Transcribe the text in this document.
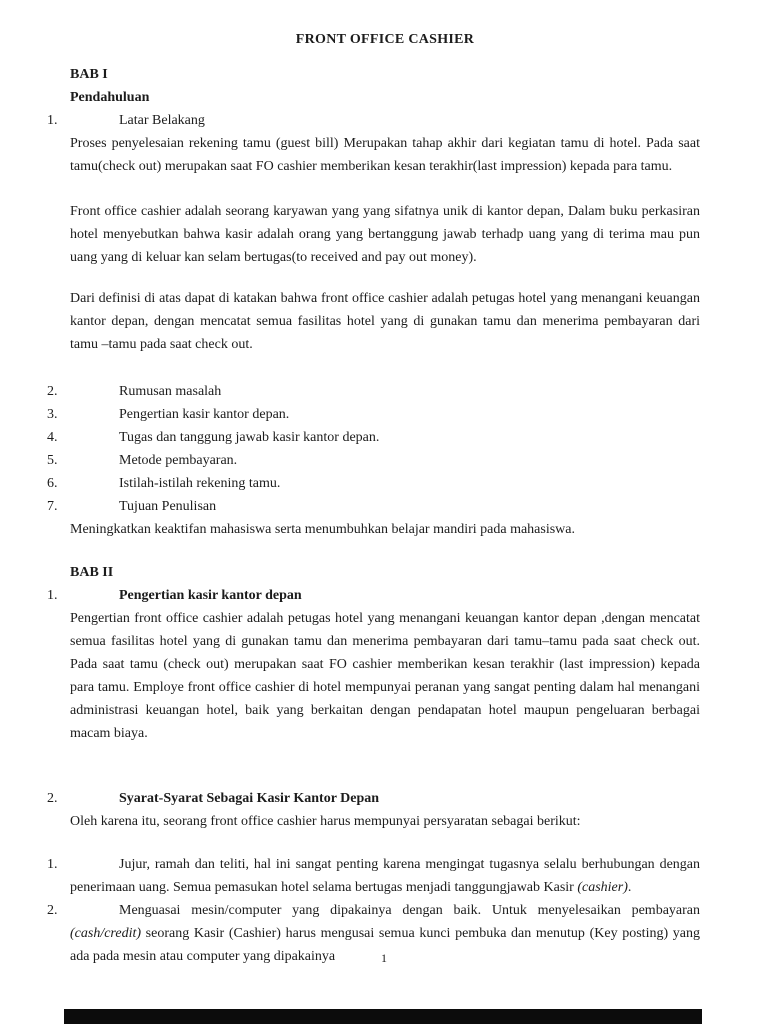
FRONT OFFICE CASHIER

BAB I

Pendahuluan

1.	Latar Belakang

Proses penyelesaian rekening tamu (guest bill) Merupakan tahap akhir dari kegiatan tamu di hotel. Pada saat tamu(check out) merupakan saat FO cashier memberikan kesan terakhir(last impression) kepada para tamu.

Front office cashier adalah seorang karyawan yang yang sifatnya unik di kantor depan, Dalam buku perkasiran hotel menyebutkan bahwa kasir adalah orang yang bertanggung jawab terhadp uang yang di terima mau pun uang yang di keluar kan selam bertugas(to received and pay out money).

Dari definisi di atas dapat di katakan bahwa front office cashier adalah petugas hotel yang menangani keuangan kantor depan, dengan mencatat semua fasilitas hotel yang di gunakan tamu dan menerima pembayaran dari tamu –tamu pada saat check out.

2.	Rumusan masalah

3.	Pengertian kasir kantor depan.

4.	Tugas dan tanggung jawab kasir kantor depan.

5.	Metode pembayaran.

6.	Istilah-istilah rekening tamu.

7.	Tujuan Penulisan

Meningkatkan keaktifan mahasiswa serta menumbuhkan belajar mandiri pada mahasiswa.

BAB II

1.	Pengertian kasir kantor depan

Pengertian front office cashier adalah petugas hotel yang menangani keuangan kantor depan ,dengan mencatat semua fasilitas hotel yang di gunakan tamu dan menerima pembayaran dari tamu–tamu pada saat check out. Pada saat tamu (check out) merupakan saat FO cashier memberikan kesan terakhir (last impression) kepada para tamu. Employe front office cashier di hotel mempunyai peranan yang sangat penting dalam hal menangani administrasi keuangan hotel, baik yang berkaitan dengan pendapatan hotel maupun pengeluaran berbagai macam biaya.

2.	Syarat-Syarat Sebagai Kasir Kantor Depan

Oleh karena itu, seorang front office cashier harus mempunyai persyaratan sebagai berikut:

1.	Jujur, ramah dan teliti, hal ini sangat penting karena mengingat tugasnya selalu berhubungan dengan penerimaan uang. Semua pemasukan hotel selama bertugas menjadi tanggungjawab Kasir (cashier).

2.	Menguasai mesin/computer yang dipakainya dengan baik. Untuk menyelesaikan pembayaran (cash/credit) seorang Kasir (Cashier) harus mengusai semua kunci pembuka dan menutup (Key posting) yang ada pada mesin atau computer yang dipakainya	1
